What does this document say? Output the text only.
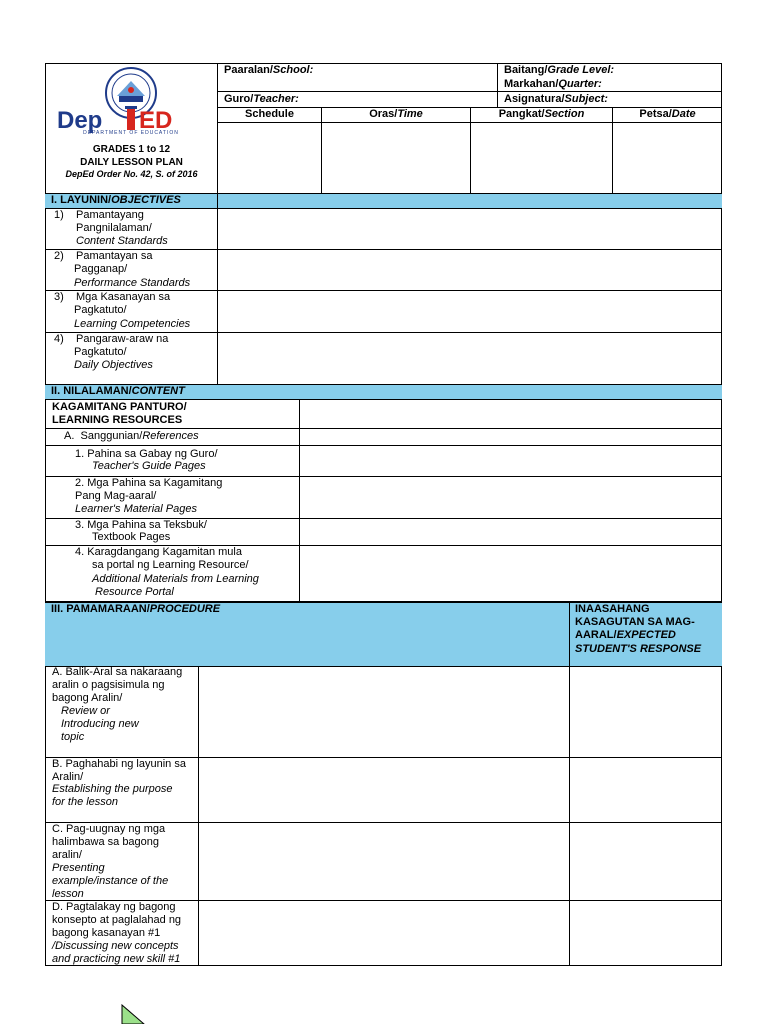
Paaralan/School:	Baitang/Grade Level:
Markahan/Quarter:
Guro/Teacher:	Asignatura/Subject:
Schedule	Oras/Time	Pangkat/Section	Petsa/Date
Dep ED
DEPARTMENT OF EDUCATION
GRADES 1 to 12
DAILY LESSON PLAN
DepEd Order No. 42, S. of 2016
I. LAYUNIN/OBJECTIVES
1) Pamantayang
Pangnilalaman/
Content Standards
2) Pamantayan sa
Pagganap/
Performance Standards
3) Mga Kasanayan sa
Pagkatuto/
Learning Competencies
4) Pangaraw-araw na
Pagkatuto/
Daily Objectives
II. NILALAMAN/CONTENT
KAGAMITANG PANTURO/
LEARNING RESOURCES
A. Sanggunian/References
1. Pahina sa Gabay ng Guro/
Teacher's Guide Pages
2. Mga Pahina sa Kagamitang
Pang Mag-aaral/
Learner's Material Pages
3. Mga Pahina sa Teksbuk/
Textbook Pages
4. Karagdangang Kagamitan mula
sa portal ng Learning Resource/
Additional Materials from Learning
Resource Portal
III. PAMAMARAAN/PROCEDURE	INAASAHANG
KASAGUTAN SA MAG-
AARAL/EXPECTED
STUDENT'S RESPONSE
A. Balik-Aral sa nakaraang
aralin o pagsisimula ng
bagong Aralin/
Review or
Introducing new
topic
B. Paghahabi ng layunin sa
Aralin/
Establishing the purpose
for the lesson
C. Pag-uugnay ng mga
halimbawa sa bagong
aralin/
Presenting
example/instance of the
lesson
D. Pagtalakay ng bagong
konsepto at paglalahad ng
bagong kasanayan #1
/Discussing new concepts
and practicing new skill #1
